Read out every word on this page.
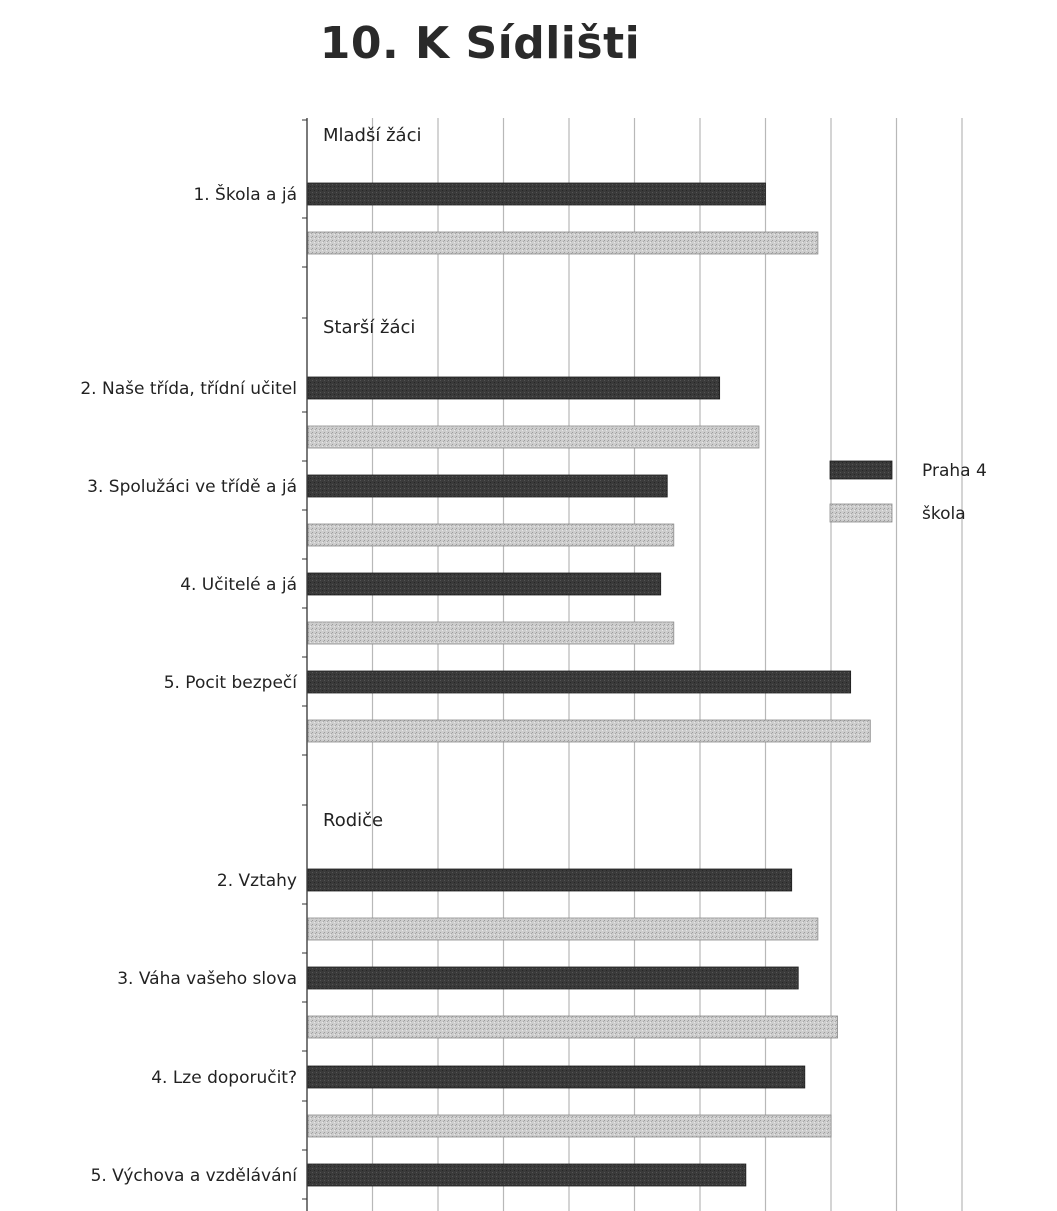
10. K Sídlišti
Mladší žáci
1. Škola a já
Starší žáci
2. Naše třída, třídní učitel
3. Spolužáci ve třídě a já
4. Učitelé a já
5. Pocit bezpečí
Rodiče
2. Vztahy
3. Váha vašeho slova
4. Lze doporučit?
5. Výchova a vzdělávání
Praha 4
škola
